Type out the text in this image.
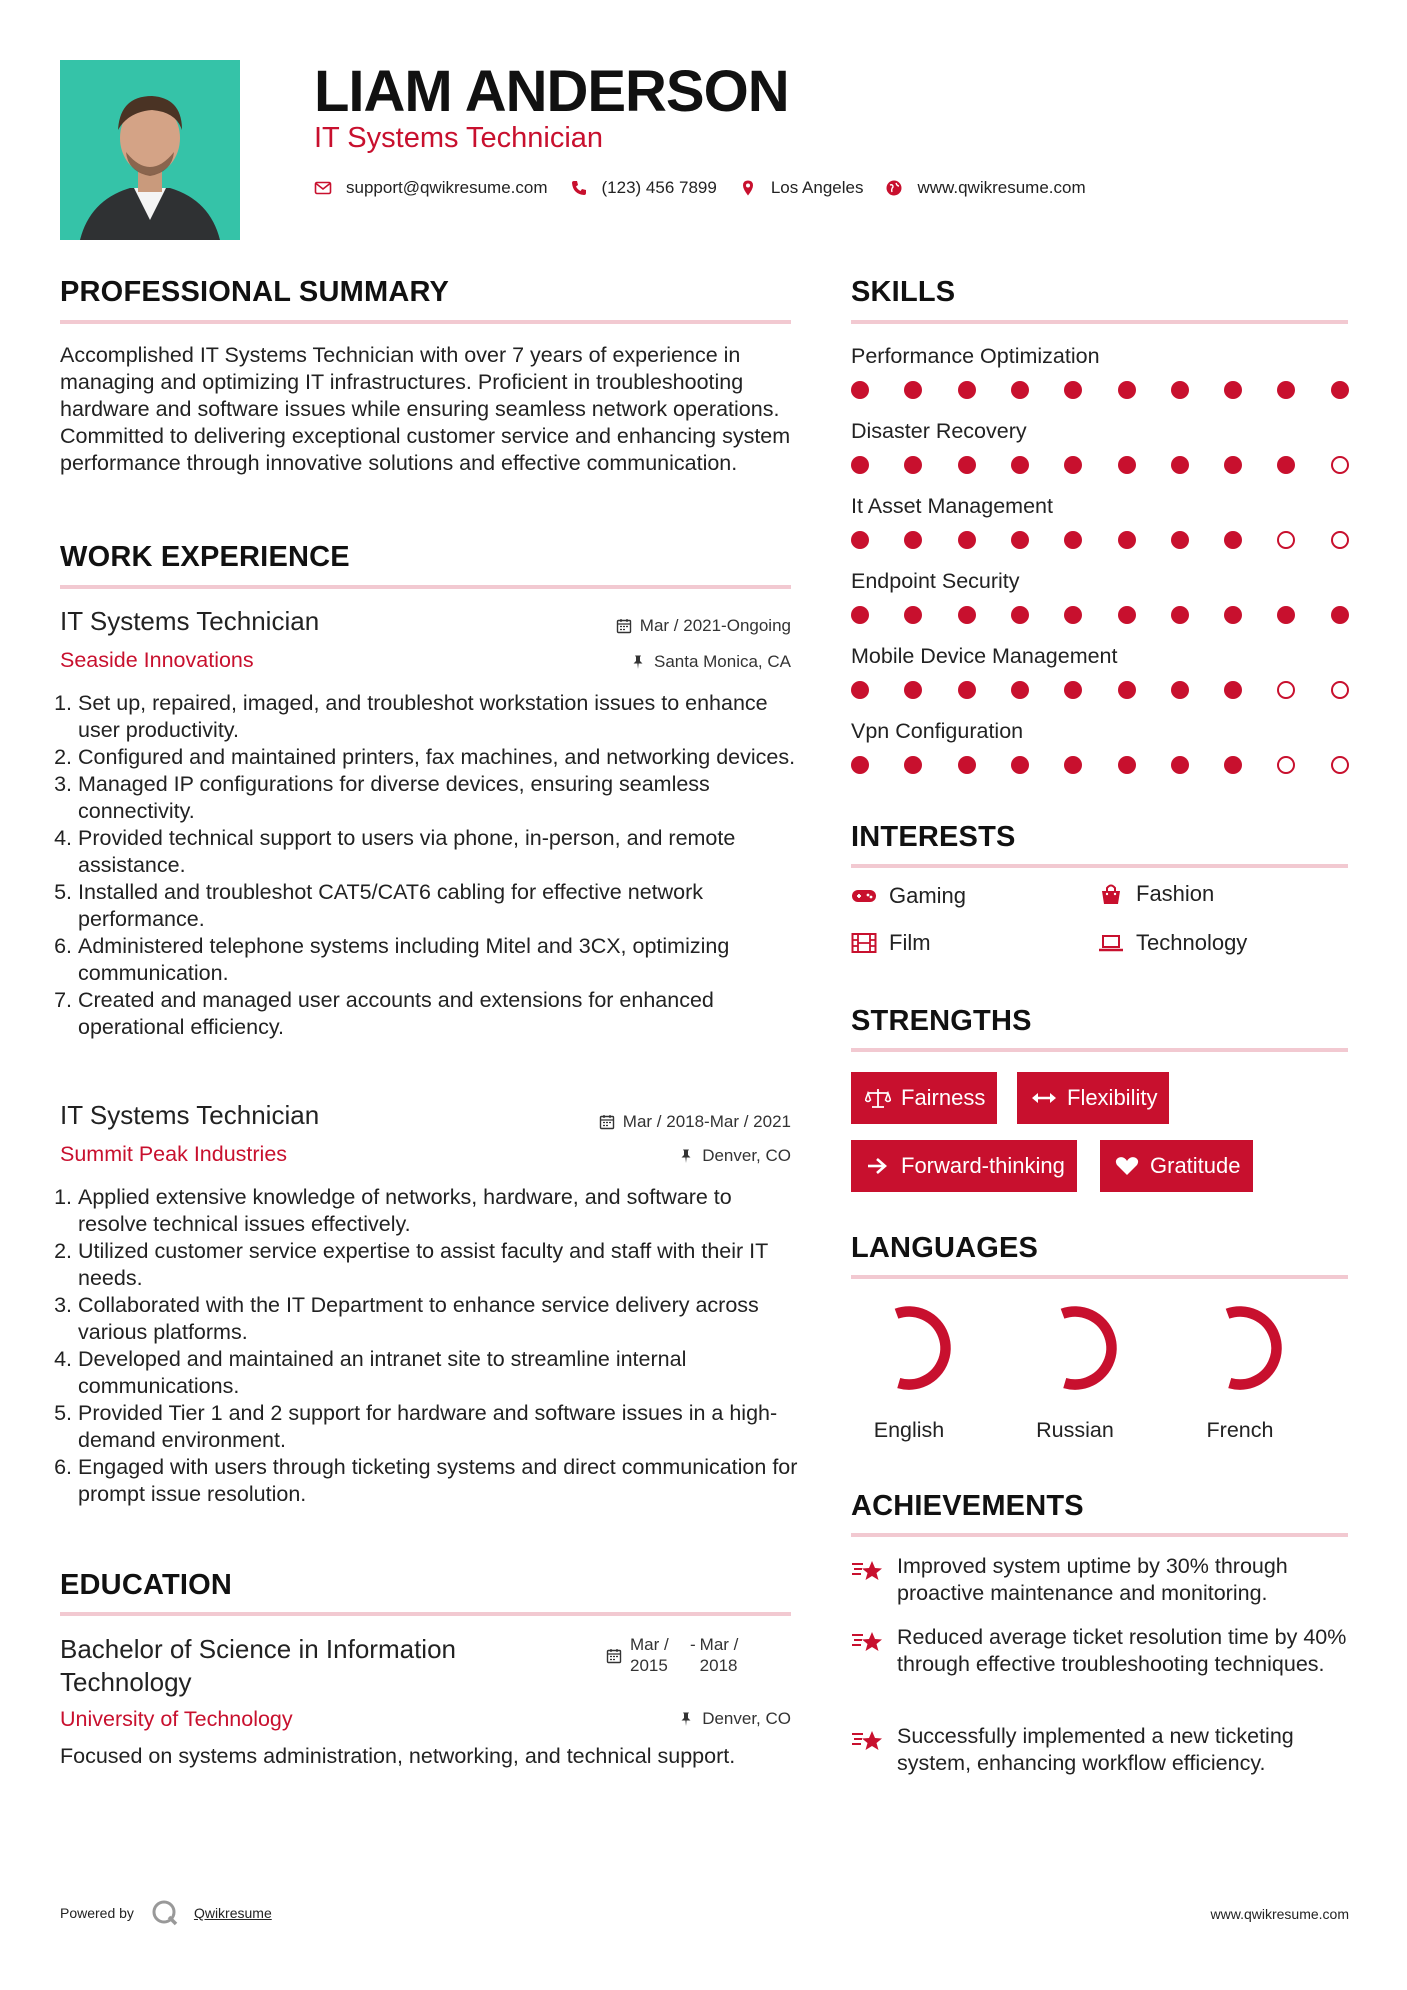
LIAM ANDERSON
IT Systems Technician
support@qwikresume.com	(123) 456 7899	Los Angeles	www.qwikresume.com
PROFESSIONAL SUMMARY
Accomplished IT Systems Technician with over 7 years of experience in managing and optimizing IT infrastructures. Proficient in troubleshooting hardware and software issues while ensuring seamless network operations. Committed to delivering exceptional customer service and enhancing system performance through innovative solutions and effective communication.
WORK EXPERIENCE
IT Systems Technician	Mar / 2021-Ongoing
Seaside Innovations	Santa Monica, CA
1. Set up, repaired, imaged, and troubleshot workstation issues to enhance user productivity.
2. Configured and maintained printers, fax machines, and networking devices.
3. Managed IP configurations for diverse devices, ensuring seamless connectivity.
4. Provided technical support to users via phone, in-person, and remote assistance.
5. Installed and troubleshot CAT5/CAT6 cabling for effective network performance.
6. Administered telephone systems including Mitel and 3CX, optimizing communication.
7. Created and managed user accounts and extensions for enhanced operational efficiency.
IT Systems Technician	Mar / 2018-Mar / 2021
Summit Peak Industries	Denver, CO
1. Applied extensive knowledge of networks, hardware, and software to resolve technical issues effectively.
2. Utilized customer service expertise to assist faculty and staff with their IT needs.
3. Collaborated with the IT Department to enhance service delivery across various platforms.
4. Developed and maintained an intranet site to streamline internal communications.
5. Provided Tier 1 and 2 support for hardware and software issues in a high-demand environment.
6. Engaged with users through ticketing systems and direct communication for prompt issue resolution.
EDUCATION
Bachelor of Science in Information Technology
Mar / 2015
- Mar / 2018
University of Technology	Denver, CO
Focused on systems administration, networking, and technical support.
SKILLS
Performance Optimization
Disaster Recovery
It Asset Management
Endpoint Security
Mobile Device Management
Vpn Configuration
INTERESTS
Gaming	Fashion
Film	Technology
STRENGTHS
Fairness	Flexibility
Forward-thinking	Gratitude
LANGUAGES
English	Russian	French
ACHIEVEMENTS
Improved system uptime by 30% through proactive maintenance and monitoring.
Reduced average ticket resolution time by 40% through effective troubleshooting techniques.
Successfully implemented a new ticketing system, enhancing workflow efficiency.
Powered by	Qwikresume	www.qwikresume.com
